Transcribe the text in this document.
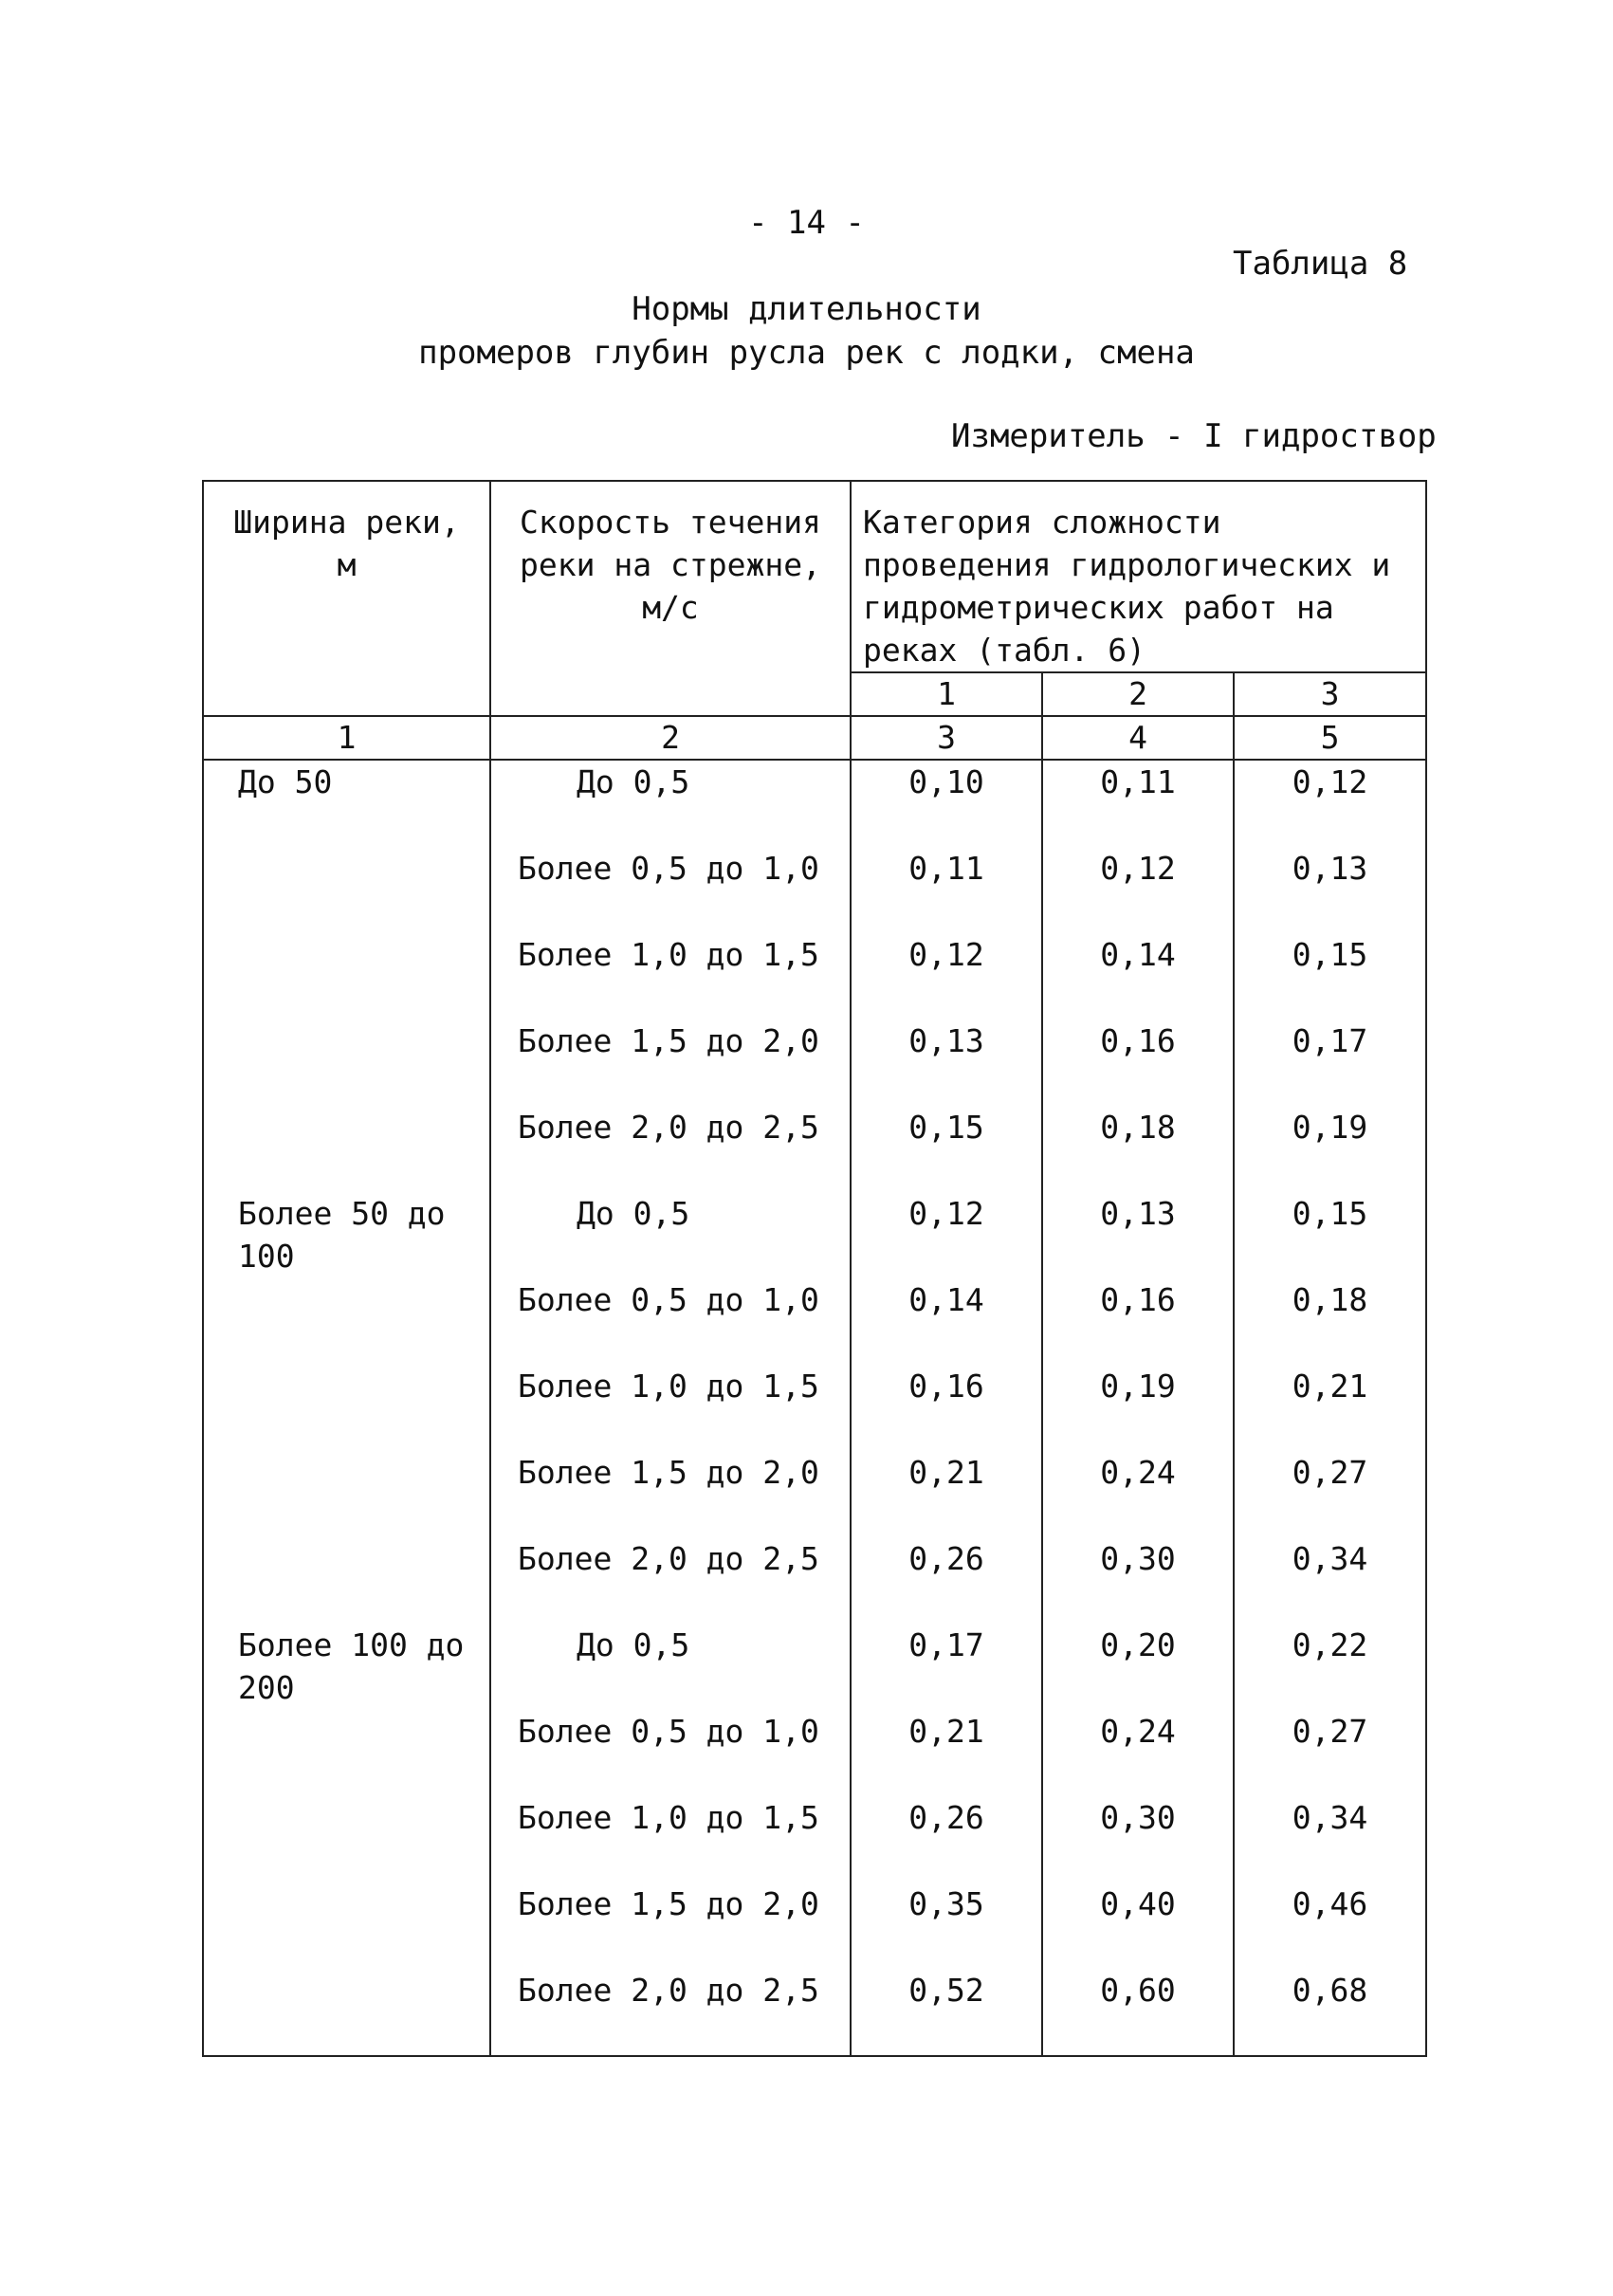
- 14 -
Таблица 8
Нормы длительности
промеров глубин русла рек с лодки, смена
Измеритель - I гидроствор
Ширина реки, м	Скорость течения реки на стрежне, м/с	Категория сложности проведения гидрологических и гидрометрических работ на реках (табл. 6)		
		1	2	3
1	2	3	4	5
До 50	До 0,5	0,10	0,11	0,12
	Более 0,5 до 1,0	0,11	0,12	0,13
	Более 1,0 до 1,5	0,12	0,14	0,15
	Более 1,5 до 2,0	0,13	0,16	0,17
	Более 2,0 до 2,5	0,15	0,18	0,19
Более 50 до 100	До 0,5	0,12	0,13	0,15
	Более 0,5 до 1,0	0,14	0,16	0,18
	Более 1,0 до 1,5	0,16	0,19	0,21
	Более 1,5 до 2,0	0,21	0,24	0,27
	Более 2,0 до 2,5	0,26	0,30	0,34
Более 100 до 200	До 0,5	0,17	0,20	0,22
	Более 0,5 до 1,0	0,21	0,24	0,27
	Более 1,0 до 1,5	0,26	0,30	0,34
	Более 1,5 до 2,0	0,35	0,40	0,46
	Более 2,0 до 2,5	0,52	0,60	0,68
